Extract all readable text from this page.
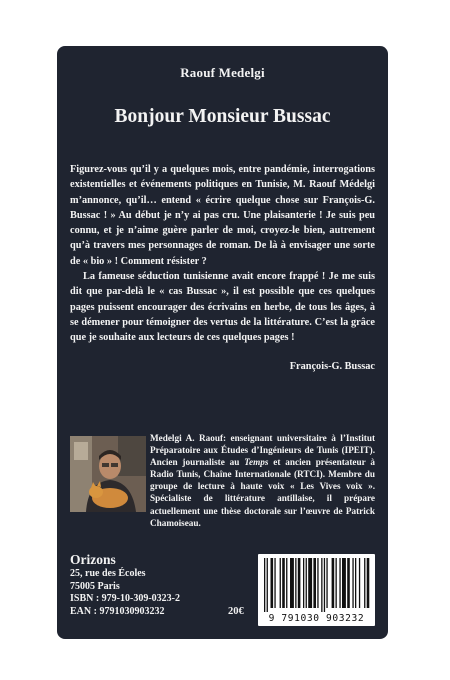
Raouf Medelgi
Bonjour Monsieur Bussac

Figurez-vous qu’il y a quelques mois, entre pandémie, interrogations existentielles et événements politiques en Tunisie, M. Raouf Médelgi m’annonce, qu’il… entend « écrire quelque chose sur François-G. Bussac ! » Au début je n’y ai pas cru. Une plaisanterie ! Je suis peu connu, et je n’aime guère parler de moi, croyez-le bien, autrement qu’à travers mes personnages de roman. De là à envisager une sorte de « bio » ! Comment résister ?

La fameuse séduction tunisienne avait encore frappé ! Je me suis dit que par-delà le « cas Bussac », il est possible que ces quelques pages puissent encourager des écrivains en herbe, de tous les âges, à se démener pour témoigner des vertus de la littérature. C’est la grâce que je souhaite aux lecteurs de ces quelques pages !

François-G. Bussac

Medelgi A. Raouf: enseignant universitaire à l’Institut Préparatoire aux Études d’Ingénieurs de Tunis (IPEIT). Ancien journaliste au Temps et ancien présentateur à Radio Tunis, Chaîne Internationale (RTCI). Membre du groupe de lecture à haute voix « Les Vives voix ». Spécialiste de littérature antillaise, il prépare actuellement une thèse doctorale sur l’œuvre de Patrick Chamoiseau.

Orizons
25, rue des Écoles
75005 Paris
ISBN : 979-10-309-0323-2
EAN : 9791030903232	20€
9 791030 903232
